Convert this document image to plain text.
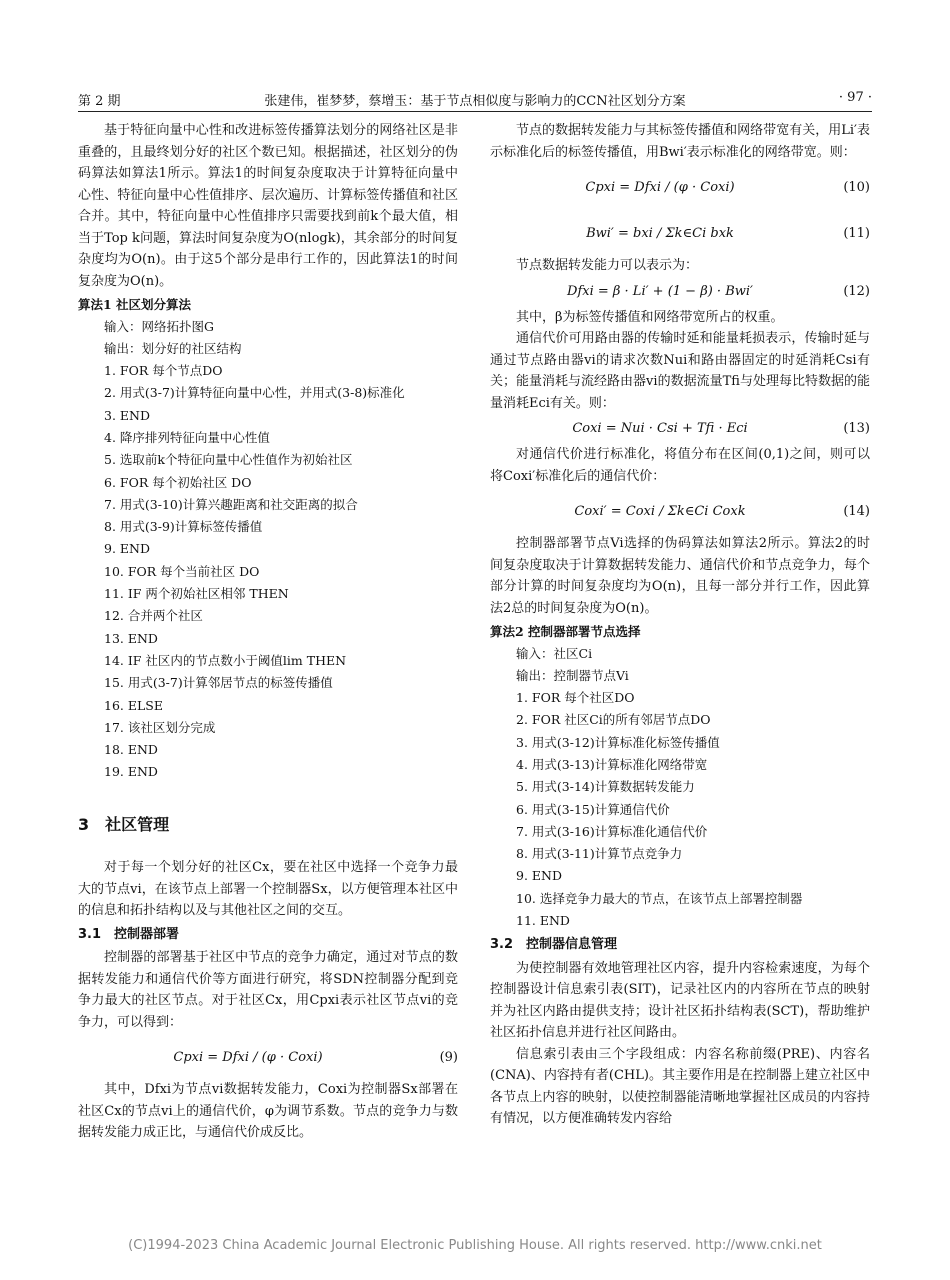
第 2 期	张建伟，崔梦梦，蔡增玉：基于节点相似度与影响力的CCN社区划分方案	· 97 ·

基于特征向量中心性和改进标签传播算法划分的网络社区是非重叠的，且最终划分好的社区个数已知。根据描述，社区划分的伪码算法如算法1所示。算法1的时间复杂度取决于计算特征向量中心性、特征向量中心性值排序、层次遍历、计算标签传播值和社区合并。其中，特征向量中心性值排序只需要找到前k个最大值，相当于Top k问题，算法时间复杂度为O(nlogk)，其余部分的时间复杂度均为O(n)。由于这5个部分是串行工作的，因此算法1的时间复杂度为O(n)。

算法1 社区划分算法
输入：网络拓扑图G
输出：划分好的社区结构
1. FOR 每个节点DO
2. 用式(3-7)计算特征向量中心性，并用式(3-8)标准化
3. END
4. 降序排列特征向量中心性值
5. 选取前k个特征向量中心性值作为初始社区
6. FOR 每个初始社区 DO
7. 用式(3-10)计算兴趣距离和社交距离的拟合
8. 用式(3-9)计算标签传播值
9. END
10. FOR 每个当前社区 DO
11. IF 两个初始社区相邻 THEN
12. 合并两个社区
13. END
14. IF 社区内的节点数小于阈值lim THEN
15. 用式(3-7)计算邻居节点的标签传播值
16. ELSE
17. 该社区划分完成
18. END
19. END
3　社区管理

对于每一个划分好的社区Cx，要在社区中选择一个竞争力最大的节点vi，在该节点上部署一个控制器Sx，以方便管理本社区中的信息和拓扑结构以及与其他社区之间的交互。

3.1　控制器部署

控制器的部署基于社区中节点的竞争力确定，通过对节点的数据转发能力和通信代价等方面进行研究，将SDN控制器分配到竞争力最大的社区节点。对于社区Cx，用Cpxi表示社区节点vi的竞争力，可以得到：

Cpxi = Dfxi / (φ · Coxi)	(9)

其中，Dfxi为节点vi数据转发能力，Coxi为控制器Sx部署在社区Cx的节点vi上的通信代价，φ为调节系数。节点的竞争力与数据转发能力成正比，与通信代价成反比。

节点的数据转发能力与其标签传播值和网络带宽有关，用Li′表示标准化后的标签传播值，用Bwi′表示标准化的网络带宽。则：

Cpxi = Dfxi / (φ · Coxi)	(10)
Bwi′ = bxi / Σk∈Ci bxk	(11)

节点数据转发能力可以表示为：

Dfxi = β · Li′ + (1 − β) · Bwi′	(12)

其中，β为标签传播值和网络带宽所占的权重。

通信代价可用路由器的传输时延和能量耗损表示，传输时延与通过节点路由器vi的请求次数Nui和路由器固定的时延消耗Csi有关；能量消耗与流经路由器vi的数据流量Tfi与处理每比特数据的能量消耗Eci有关。则：

Coxi = Nui · Csi + Tfi · Eci	(13)

对通信代价进行标准化，将值分布在区间(0,1)之间，则可以将Coxi′标准化后的通信代价：

Coxi′ = Coxi / Σk∈Ci Coxk	(14)

控制器部署节点Vi选择的伪码算法如算法2所示。算法2的时间复杂度取决于计算数据转发能力、通信代价和节点竞争力，每个部分计算的时间复杂度均为O(n)，且每一部分并行工作，因此算法2总的时间复杂度为O(n)。

算法2 控制器部署节点选择
输入：社区Ci
输出：控制器节点Vi
1. FOR 每个社区DO
2. FOR 社区Ci的所有邻居节点DO
3. 用式(3-12)计算标准化标签传播值
4. 用式(3-13)计算标准化网络带宽
5. 用式(3-14)计算数据转发能力
6. 用式(3-15)计算通信代价
7. 用式(3-16)计算标准化通信代价
8. 用式(3-11)计算节点竞争力
9. END
10. 选择竞争力最大的节点，在该节点上部署控制器
11. END
3.2　控制器信息管理

为使控制器有效地管理社区内容，提升内容检索速度，为每个控制器设计信息索引表(SIT)，记录社区内的内容所在节点的映射并为社区内路由提供支持；设计社区拓扑结构表(SCT)，帮助维护社区拓扑信息并进行社区间路由。

信息索引表由三个字段组成：内容名称前缀(PRE)、内容名(CNA)、内容持有者(CHL)。其主要作用是在控制器上建立社区中各节点上内容的映射，以使控制器能清晰地掌握社区成员的内容持有情况，以方便准确转发内容给

(C)1994-2023 China Academic Journal Electronic Publishing House. All rights reserved. http://www.cnki.net
